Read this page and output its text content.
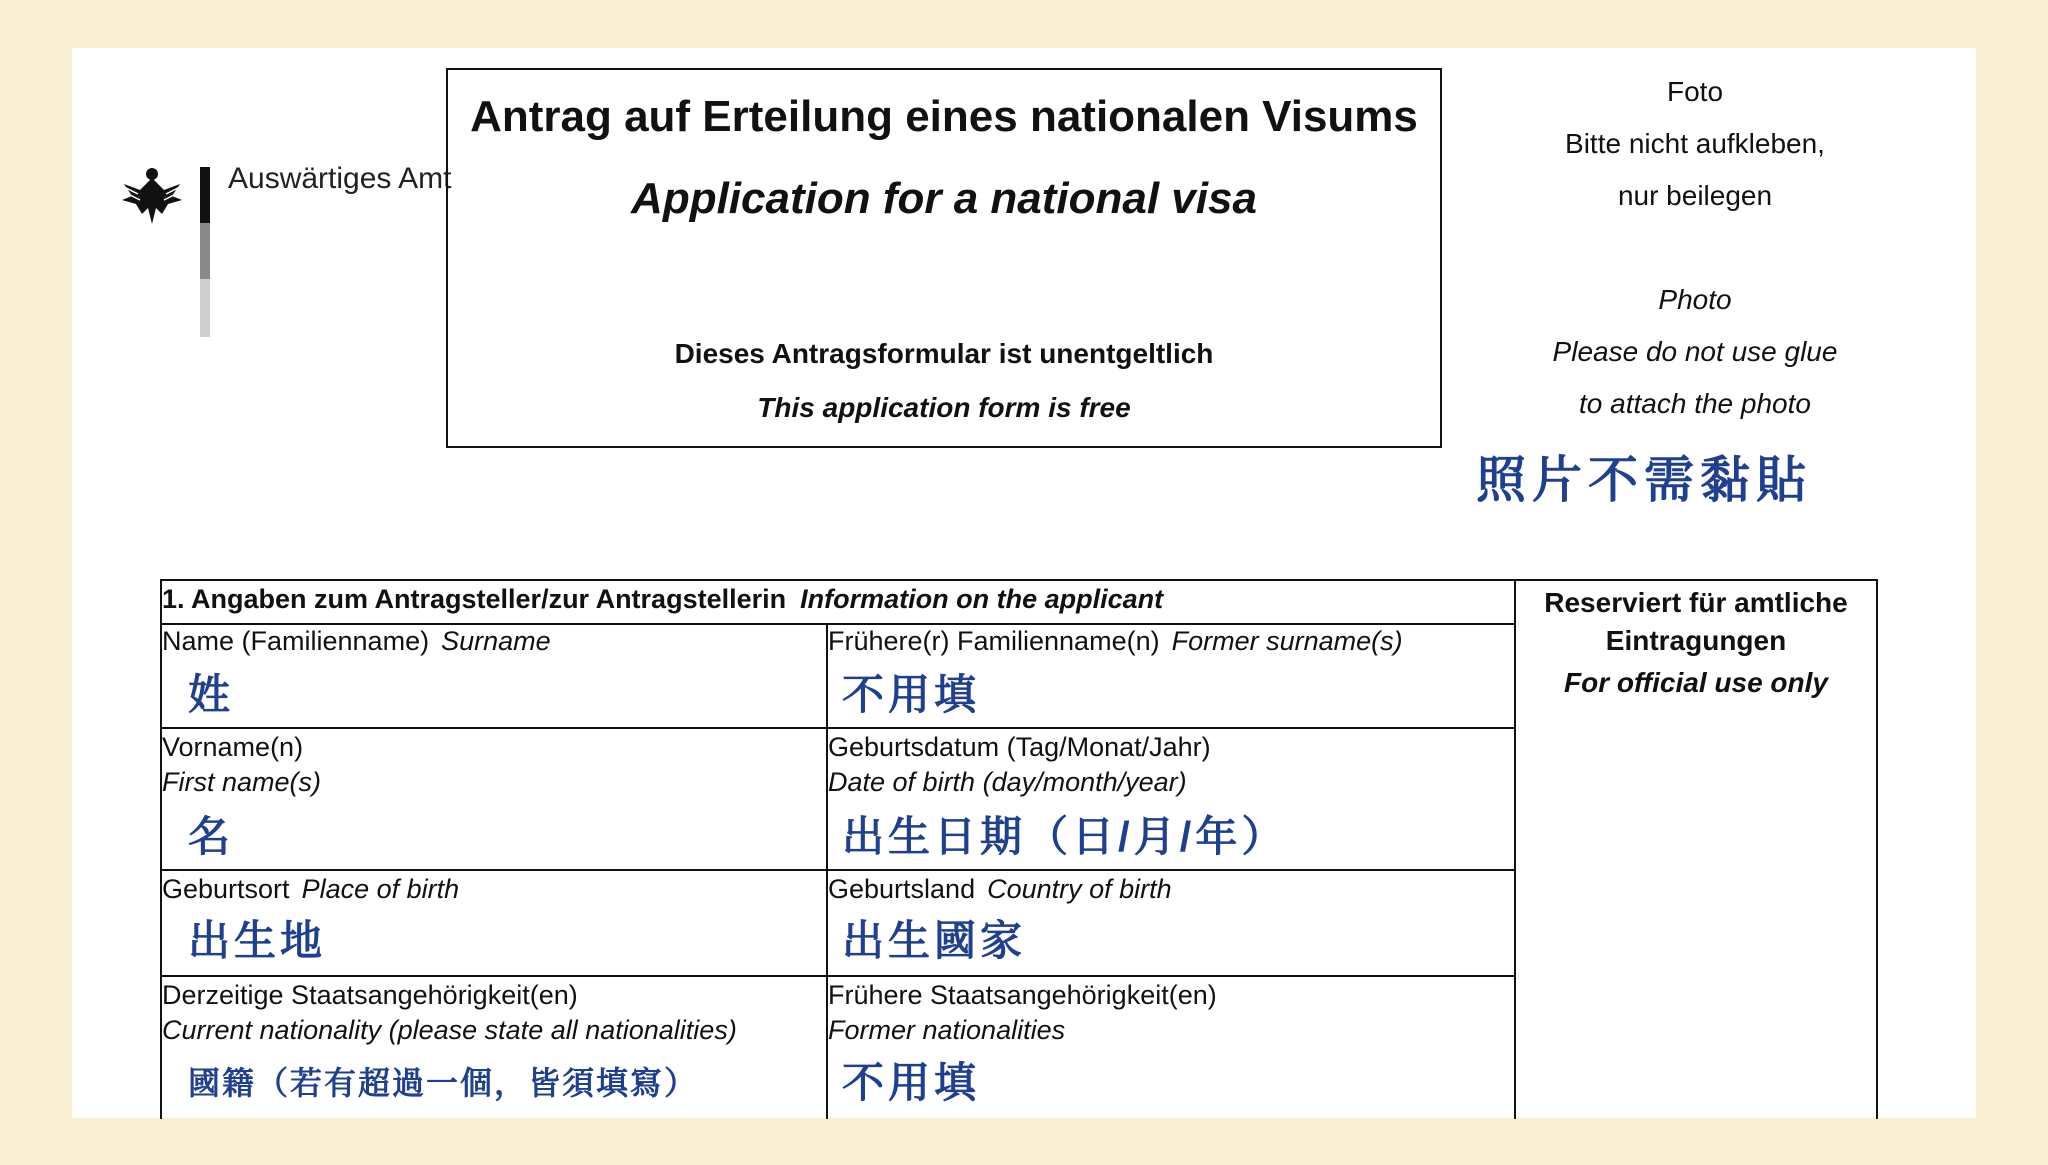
Auswärtiges Amt
Antrag auf Erteilung eines nationalen Visums
Application for a national visa
Dieses Antragsformular ist unentgeltlich
This application form is free
Foto
Bitte nicht aufkleben,
nur beilegen
Photo
Please do not use glue
to attach the photo
照片不需黏貼
1. Angaben zum Antragsteller/zur Antragstellerin Information on the applicant	Reserviert für amtliche
Eintragungen
For official use only
Name (Familienname) Surname
姓
Frühere(r) Familienname(n) Former surname(s)
不用填
Vorname(n)
First name(s)
名
Geburtsdatum (Tag/Monat/Jahr)
Date of birth (day/month/year)
出生日期（日/月/年）
Geburtsort Place of birth
出生地
Geburtsland Country of birth
出生國家
Derzeitige Staatsangehörigkeit(en)
Current nationality (please state all nationalities)
國籍（若有超過一個，皆須填寫）
Frühere Staatsangehörigkeit(en)
Former nationalities
不用填
